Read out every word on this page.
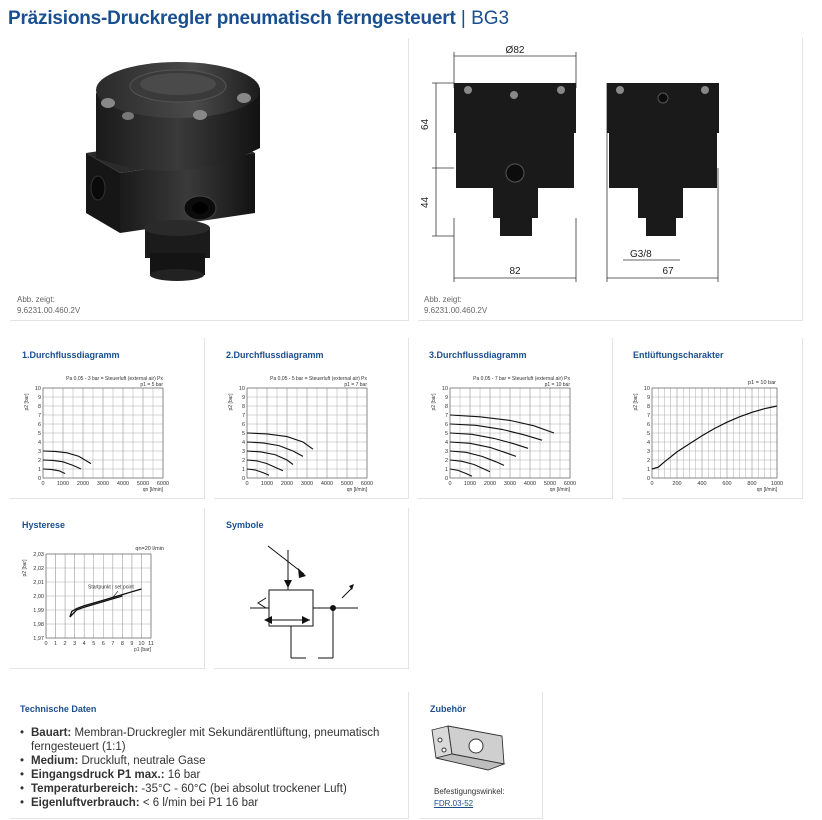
Präzisions-Druckregler pneumatisch ferngesteuert | BG3
Abb. zeigt:
9.6231.00.460.2V
Ø82
64
44
82	67
G3/8
Abb. zeigt:
9.6231.00.460.2V
1.Durchflussdiagramm	2.Durchflussdiagramm	3.Durchflussdiagramm	Entlüftungscharakter
0 1000 2000 3000 4000 5000 6000
0
1
2
3
4
5
6
7
8
9
10
qn [l/min]
p2 [bar]
Pa 0,05 - 3 bar = Steuerluft (external air) Px
p1 = 5 bar
0 1000 2000 3000 4000 5000 6000
0
1
2
3
4
5
6
7
8
9
10
qn [l/min]
p2 [bar]
Pa 0,05 - 5 bar = Steuerluft (external air) Px
p1 = 7 bar
0 1000 2000 3000 4000 5000 6000
0
1
2
3
4
5
6
7
8
9
10
qn [l/min]
p2 [bar]
Pa 0,05 - 7 bar = Steuerluft (external air) Px
p1 = 10 bar
0	200	400	600	800	1000
0
1
2
3
4
5
6
7
8
9
10
qn [l/min]
p2 [bar]
p1 = 10 bar
Hysterese	Symbole
0 1 2 3 4 5 6 7 8 9 10 11
1,97
1,98
1,99
2,00
2,01
2,02
2,03
p1 [bar]
p2 [bar]
qn=20 l/min
Startpunkt | set point
Technische Daten
• Bauart: Membran-Druckregler mit Sekundärentlüftung, pneumatisch ferngesteuert (1:1)
• Medium: Druckluft, neutrale Gase
• Eingangsdruck P1 max.: 16 bar
• Temperaturbereich: -35°C - 60°C (bei absolut trockener Luft)
• Eigenluftverbrauch: < 6 l/min bei P1 16 bar
Zubehör
Befestigungswinkel:
FDR.03-52
